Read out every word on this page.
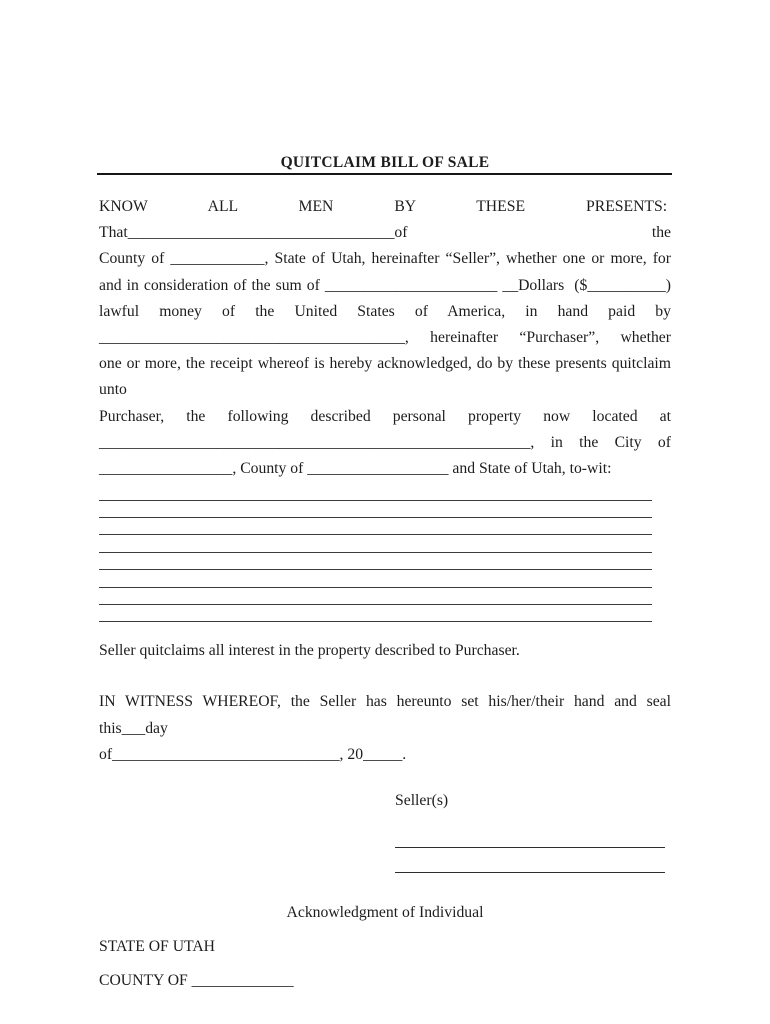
QUITCLAIM BILL OF SALE
KNOW ALL MEN BY THESE PRESENTS:  That__________________________________of the
County of ____________, State of Utah, hereinafter “Seller”, whether one or more, for
and in consideration of the sum of ______________________ __Dollars  ($__________)
lawful money of the United States of America, in hand paid by
_______________________________________, hereinafter “Purchaser”, whether
one or more, the receipt whereof is hereby acknowledged, do by these presents quitclaim unto
Purchaser, the following described personal property now located at
_______________________________________________________, in the City of
_________________, County of __________________ and State of Utah, to-wit:
Seller quitclaims all interest in the property described to Purchaser.
IN WITNESS WHEREOF, the Seller has hereunto set his/her/their hand and seal this___day
of_____________________________, 20_____.
Seller(s)
Acknowledgment of Individual
STATE OF UTAH
COUNTY OF _____________
